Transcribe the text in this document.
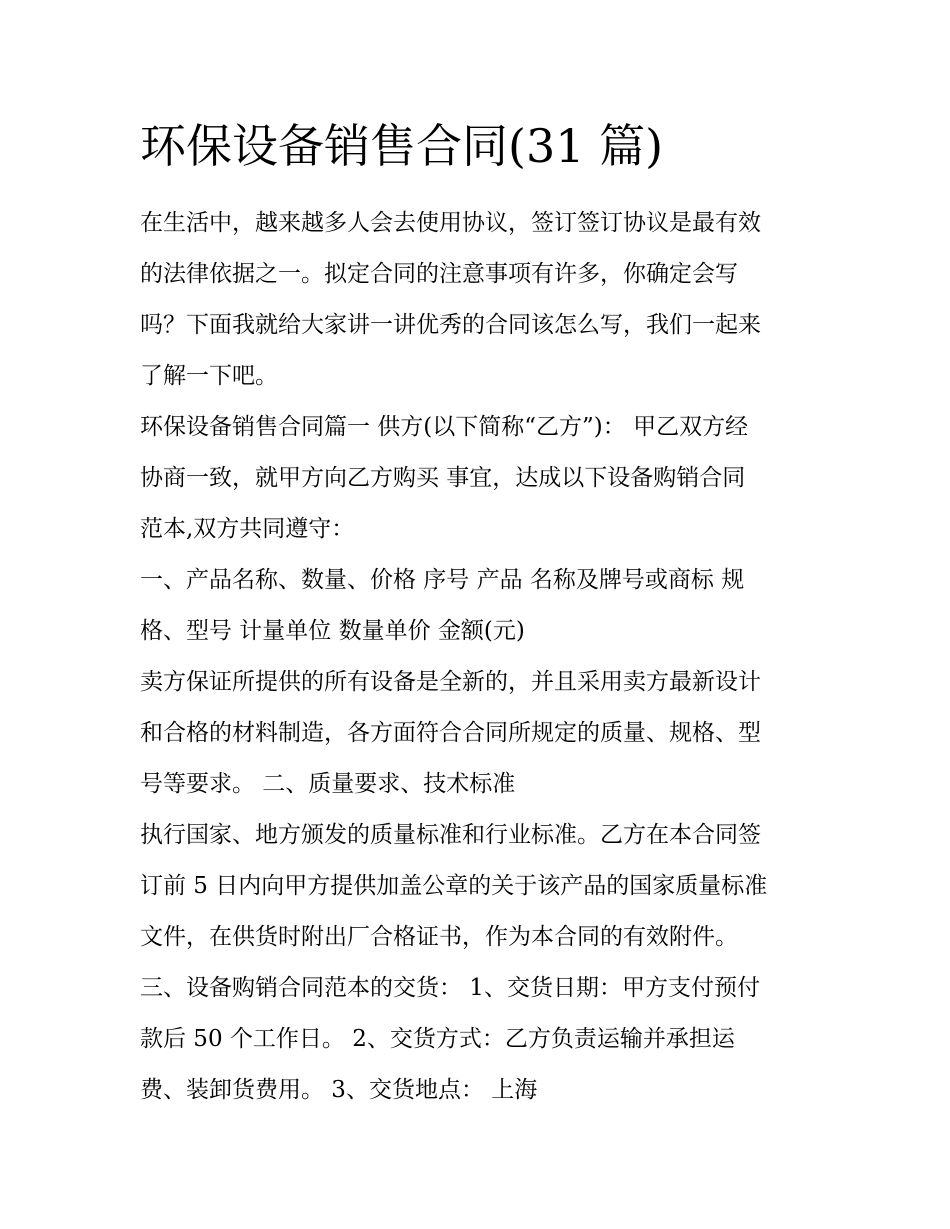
环保设备销售合同(31 篇)

在生活中，越来越多人会去使用协议，签订签订协议是最有效

的法律依据之一。拟定合同的注意事项有许多，你确定会写

吗？下面我就给大家讲一讲优秀的合同该怎么写，我们一起来

了解一下吧。

环保设备销售合同篇一 供方(以下简称“乙方”)： 甲乙双方经

协商一致，就甲方向乙方购买 事宜，达成以下设备购销合同

范本,双方共同遵守：

一、产品名称、数量、价格 序号 产品 名称及牌号或商标 规

格、型号 计量单位 数量单价 金额(元)

卖方保证所提供的所有设备是全新的，并且采用卖方最新设计

和合格的材料制造，各方面符合合同所规定的质量、规格、型

号等要求。 二、质量要求、技术标准

执行国家、地方颁发的质量标准和行业标准。乙方在本合同签

订前 5 日内向甲方提供加盖公章的关于该产品的国家质量标准

文件，在供货时附出厂合格证书，作为本合同的有效附件。

三、设备购销合同范本的交货： 1、交货日期：甲方支付预付

款后 50 个工作日。 2、交货方式：乙方负责运输并承担运

费、装卸货费用。 3、交货地点： 上海
